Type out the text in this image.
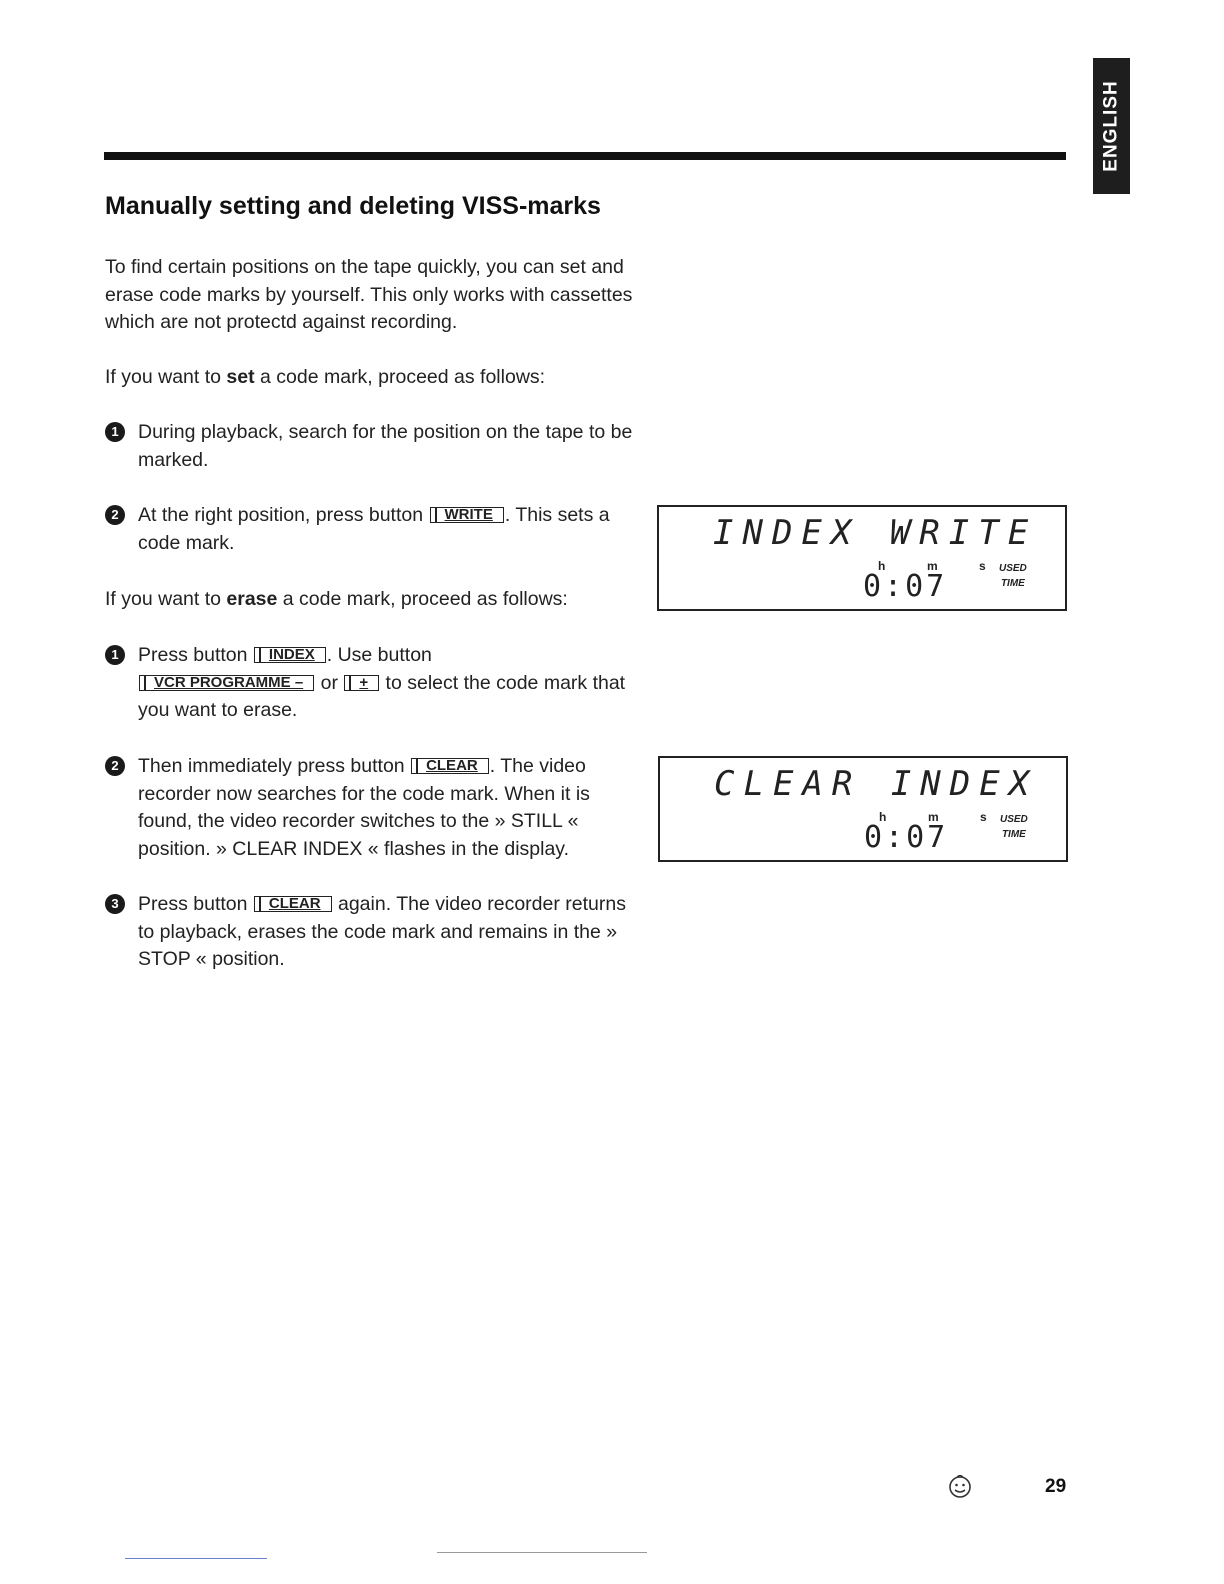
ENGLISH
Manually setting and deleting VISS-marks

To find certain positions on the tape quickly, you can set and erase code marks by yourself. This only works with cassettes which are not protectd against recording.

If you want to set a code mark, proceed as follows:

1 During playback, search for the position on the tape to be marked.
2 At the right position, press button WRITE . This sets a code mark.

If you want to erase a code mark, proceed as follows:

1 Press button INDEX . Use button
VCR PROGRAMME – or + to select the code mark that you want to erase.
2 Then immediately press button CLEAR . The video recorder now searches for the code mark. When it is found, the video recorder switches to the » STILL « position. » CLEAR INDEX « flashes in the display.
3 Press button CLEAR again. The video recorder returns to playback, erases the code mark and remains in the » STOP « position.
INDEX WRITE
h	m	s
0:07
USED
TIME
CLEAR INDEX
h	m	s
0:07
USED
TIME
29
